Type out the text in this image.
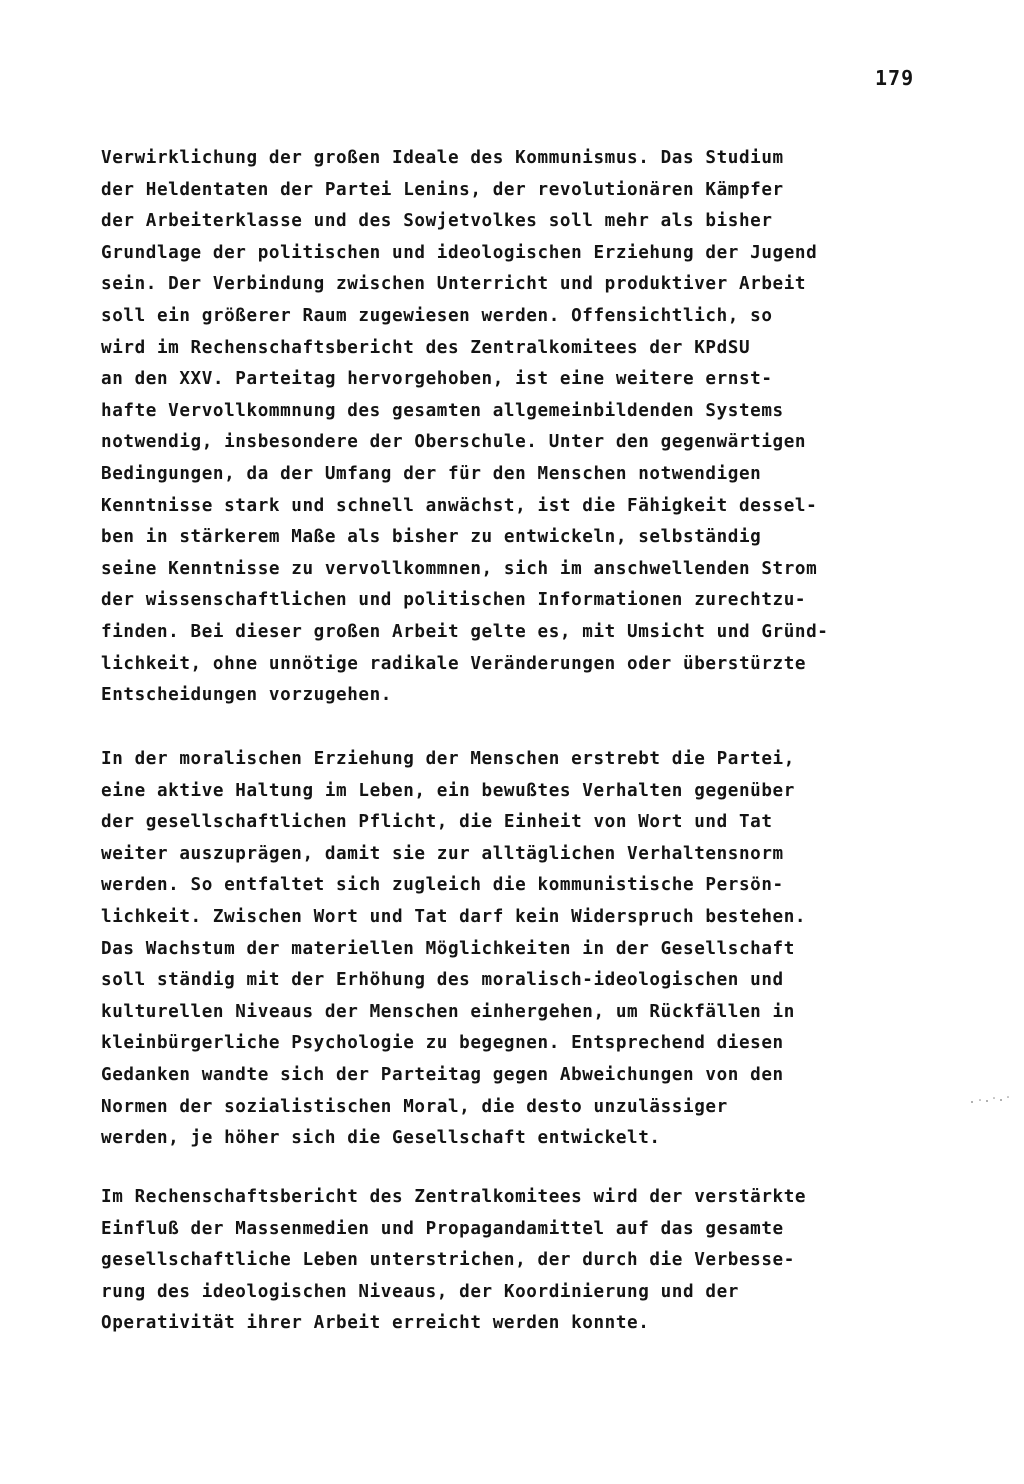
179
Verwirklichung der großen Ideale des Kommunismus. Das Studium
der Heldentaten der Partei Lenins, der revolutionären Kämpfer
der Arbeiterklasse und des Sowjetvolkes soll mehr als bisher
Grundlage der politischen und ideologischen Erziehung der Jugend
sein. Der Verbindung zwischen Unterricht und produktiver Arbeit
soll ein größerer Raum zugewiesen werden. Offensichtlich, so
wird im Rechenschaftsbericht des Zentralkomitees der KPdSU
an den XXV. Parteitag hervorgehoben, ist eine weitere ernst-
hafte Vervollkommnung des gesamten allgemeinbildenden Systems
notwendig, insbesondere der Oberschule. Unter den gegenwärtigen
Bedingungen, da der Umfang der für den Menschen notwendigen
Kenntnisse stark und schnell anwächst, ist die Fähigkeit dessel-
ben in stärkerem Maße als bisher zu entwickeln, selbständig
seine Kenntnisse zu vervollkommnen, sich im anschwellenden Strom
der wissenschaftlichen und politischen Informationen zurechtzu-
finden. Bei dieser großen Arbeit gelte es, mit Umsicht und Gründ-
lichkeit, ohne unnötige radikale Veränderungen oder überstürzte
Entscheidungen vorzugehen.
In der moralischen Erziehung der Menschen erstrebt die Partei,
eine aktive Haltung im Leben, ein bewußtes Verhalten gegenüber
der gesellschaftlichen Pflicht, die Einheit von Wort und Tat
weiter auszuprägen, damit sie zur alltäglichen Verhaltensnorm
werden. So entfaltet sich zugleich die kommunistische Persön-
lichkeit. Zwischen Wort und Tat darf kein Widerspruch bestehen.
Das Wachstum der materiellen Möglichkeiten in der Gesellschaft
soll ständig mit der Erhöhung des moralisch-ideologischen und
kulturellen Niveaus der Menschen einhergehen, um Rückfällen in
kleinbürgerliche Psychologie zu begegnen. Entsprechend diesen
Gedanken wandte sich der Parteitag gegen Abweichungen von den
Normen der sozialistischen Moral, die desto unzulässiger
werden, je höher sich die Gesellschaft entwickelt.
Im Rechenschaftsbericht des Zentralkomitees wird der verstärkte
Einfluß der Massenmedien und Propagandamittel auf das gesamte
gesellschaftliche Leben unterstrichen, der durch die Verbesse-
rung des ideologischen Niveaus, der Koordinierung und der
Operativität ihrer Arbeit erreicht werden konnte.
